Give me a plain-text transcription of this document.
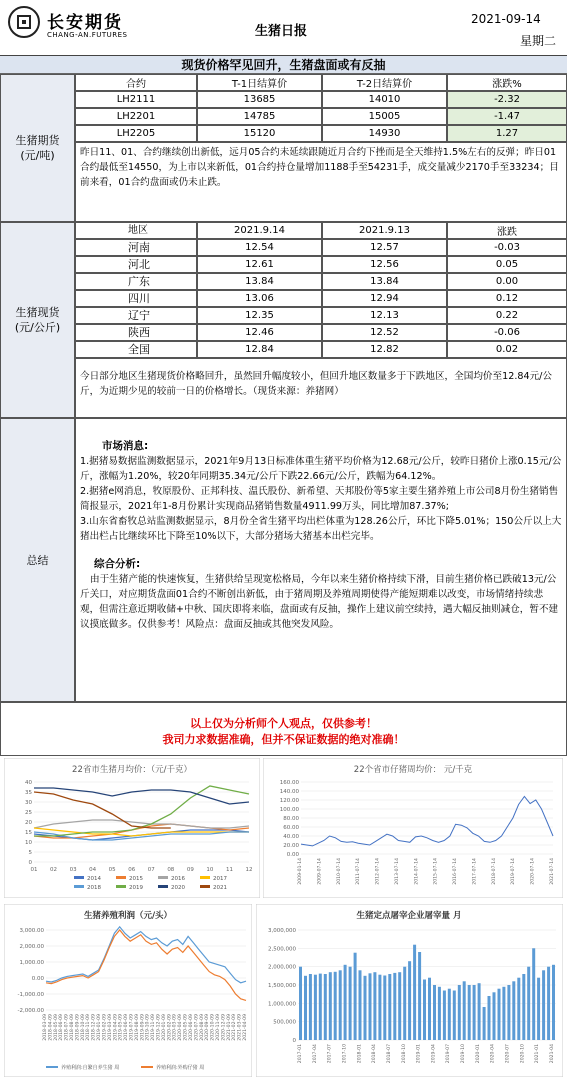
长安期货
CHANG-AN.FUTURES	生猪日报
2021-09-14
星期二
现货价格罕见回升，生猪盘面或有反抽
生猪期货
(元/吨)
合约	T-1日结算价	T-2日结算价	涨跌%
LH2111	13685	14010	-2.32
LH2201	14785	15005	-1.47
LH2205	15120	14930	1.27
昨日11、01、合约继续创出新低，远月05合约未延续跟随近月合约下挫而是全天维持1.5%左右的反弹；昨日01合约最低至14550，为上市以来新低，01合约持仓量增加1188手至54231手，成交量减少2170手至33234；目前来看，01合约盘面或仍未止跌。
生猪现货
(元/公斤)
地区	2021.9.14	2021.9.13	涨跌
河南	12.54	12.57	-0.03
河北	12.61	12.56	0.05
广东	13.84	13.84	0.00
四川	13.06	12.94	0.12
辽宁	12.35	12.13	0.22
陕西	12.46	12.52	-0.06
全国	12.84	12.82	0.02
今日部分地区生猪现货价格略回升，虽然回升幅度较小，但回升地区数量多于下跌地区，全国均价至12.84元/公斤，为近期少见的较前一日的价格增长。（现货来源：养猪网）
总结
市场消息:
1.据猪易数据监测数据显示，2021年9月13日标准体重生猪平均价格为12.68元/公斤，较昨日猪价上涨0.15元/公斤，涨幅为1.20%，较20年同期35.34元/公斤下跌22.66元/公斤，跌幅为64.12%。
2.据猪e网消息，牧原股份、正邦科技、温氏股份、新希望、天邦股份等5家主要生猪养殖上市公司8月份生猪销售简报显示，2021年1-8月份累计实现商品猪销售数量4911.99万头，同比增加87.37%;
3.山东省畜牧总站监测数据显示，8月份全省生猪平均出栏体重为128.26公斤，环比下降5.01%；150公斤以上大猪出栏占比继续环比下降至10%以下，大部分猪场大猪基本出栏完毕。
综合分析:
由于生猪产能的快速恢复，生猪供给呈现宽松格局，今年以来生猪价格持续下滑，目前生猪价格已跌破13元/公斤关口，对应期货盘面01合约不断创出新低，由于猪周期及养殖周期使得产能短期难以改变，市场情绪持续悲观，但需注意近期收储+中秋、国庆即将来临，盘面或有反抽，操作上建议前空续持，遇大幅反抽则减仓，暂不建议摸底做多。仅供参考！风险点：盘面反抽或其他突发风险。
以上仅为分析师个人观点，仅供参考！
我司力求数据准确，但并不保证数据的绝对准确！
22省市生猪月均价：（元/千克）
40
35
30
25
20
15
10
5
0
01 02 03 04 05 06 07 08 09 10 11 12
2014	2015	2016	2017
2018	2019	2020	2021
22个省市仔猪周均价： 元/千克
160.00
140.00
120.00
100.00
80.00
60.00
40.00
20.00
0.00
2009-01-14	2009-07-14	2010-07-14	2011-07-14	2012-07-14	2013-07-14	2014-07-14	2015-07-14	2016-07-14	2017-07-14	2018-07-14	2019-07-14	2020-07-14	2021-07-14
生猪养殖利润（元/头）
3,000.00
2,000.00
1,000.00
0.00
-1,000.00
-2,000.00
2018-03-09 2018-04-09 2018-05-09 2018-06-09 2018-07-09 2018-08-09 2018-09-09 2018-10-09 2018-11-09 2018-12-09 2019-01-09 2019-02-09 2019-03-09 2019-04-09 2019-05-09 2019-06-09 2019-07-09 2019-08-09 2019-09-09 2019-10-09 2019-11-09 2019-12-09 2020-01-09 2020-02-09 2020-03-09 2020-04-09 2020-05-09 2020-06-09 2020-07-09 2020-08-09 2020-09-09 2020-10-09 2020-11-09 2020-12-09 2021-01-09 2021-02-09 2021-03-09 2021-04-09
养殖利润:自繁自养生猪 周	养殖利润:外购仔猪 周
生猪定点屠宰企业屠宰量 月
3,000,000
2,500,000
2,000,000
1,500,000
1,000,000
500,000
0
2017-01 2017-04 2017-07 2017-10 2018-01 2018-04 2018-07 2018-10 2019-01 2019-04 2019-07 2019-10 2020-01 2020-04 2020-07 2020-10 2021-01 2021-04
